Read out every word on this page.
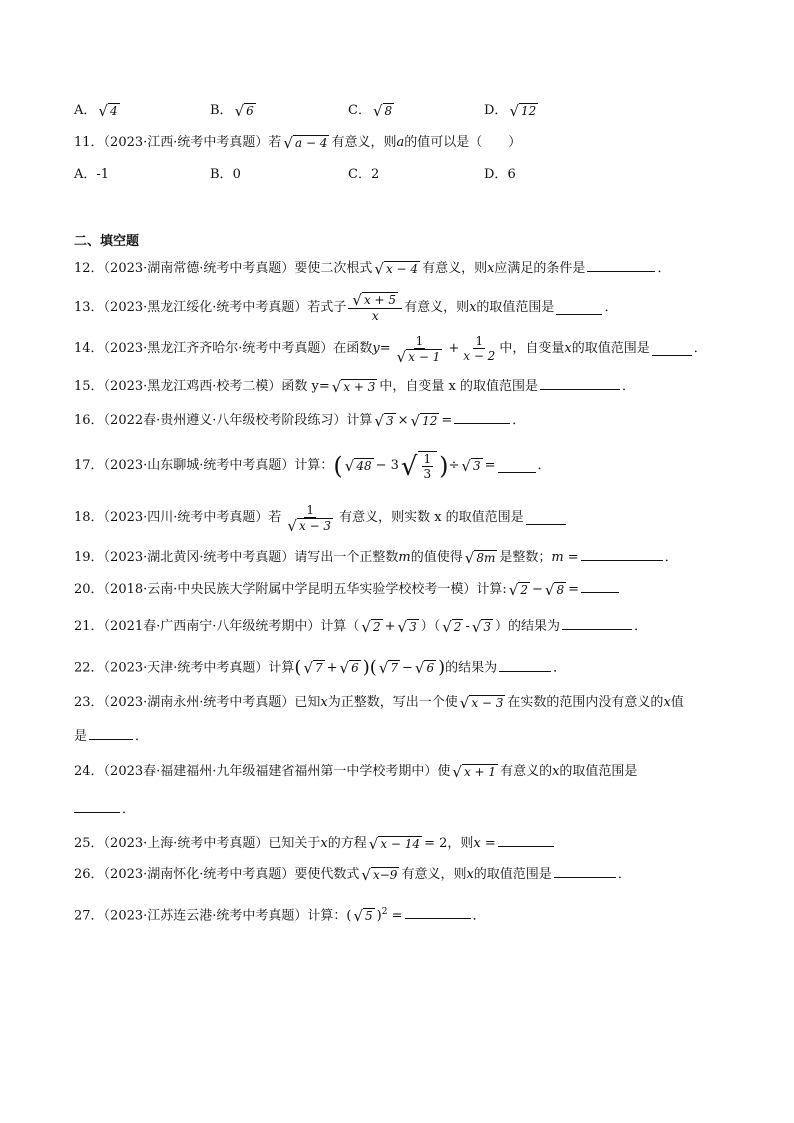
A． √ 4	B． √ 6	C． √ 8	D． √ 12
11．（2023·江西·统考中考真题）若 √ a − 4 有意义，则a的值可以是（　　）
A．-1	B．0	C．2	D．6
二、填空题
12．（2023·湖南常德·统考中考真题）要使二次根式 √ x − 4 有意义，则x应满足的条件是	．
13．（2023·黑龙江绥化·统考中考真题）若式子 $\frac{√ x + 5}{x}$ 有意义，则 x 的取值范围是	．
14．（2023·黑龙江齐齐哈尔·统考中考真题）在函数 $y = \frac{1}{√ x - 1} + \frac{1}{x - 2}$ 中，自变量 x 的取值范围是	．
15．（2023·黑龙江鸡西·校考二模）函数 y= √ x + 3 中，自变量 x 的取值范围是	．
16．（2022春·贵州遵义·八年级校考阶段练习）计算 √ 3 × √ 12 =	．
17．（2023·山东聊城·统考中考真题）计算： ( √ 48 − 3 √ $\frac{1}{3}$ ) ÷ √ 3 =	．
18．（2023·四川·统考中考真题）若 $\frac{1}{√ x - 3}$ 有意义，则实数 x 的取值范围是
19．（2023·湖北黄冈·统考中考真题）请写出一个正整数m的值使得 √ 8m 是整数；m =	．
20．（2018·云南·中央民族大学附属中学昆明五华实验学校校考一模）计算: √ 2 − √ 8 =
21．（2021春·广西南宁·八年级统考期中）计算（ √ 2 + √ 3 ）（ √ 2 - √ 3 ）的结果为	．
22．（2023·天津·统考中考真题）计算( √ 7 + √ 6 )( √ 7 − √ 6 )的结果为	．
23．（2023·湖南永州·统考中考真题）已知x为正整数，写出一个使 √ x − 3 在实数的范围内没有意义的x值
是	．
24．（2023春·福建福州·九年级福建省福州第一中学校考期中）使 √ x + 1 有意义的x的取值范围是
．
25．（2023·上海·统考中考真题）已知关于x的方程 √ x − 14 = 2，则x =
26．（2023·湖南怀化·统考中考真题）要使代数式 √ x−9 有意义，则x的取值范围是	．
27．（2023·江苏连云港·统考中考真题）计算：( √ 5 )$^2$ =	．
